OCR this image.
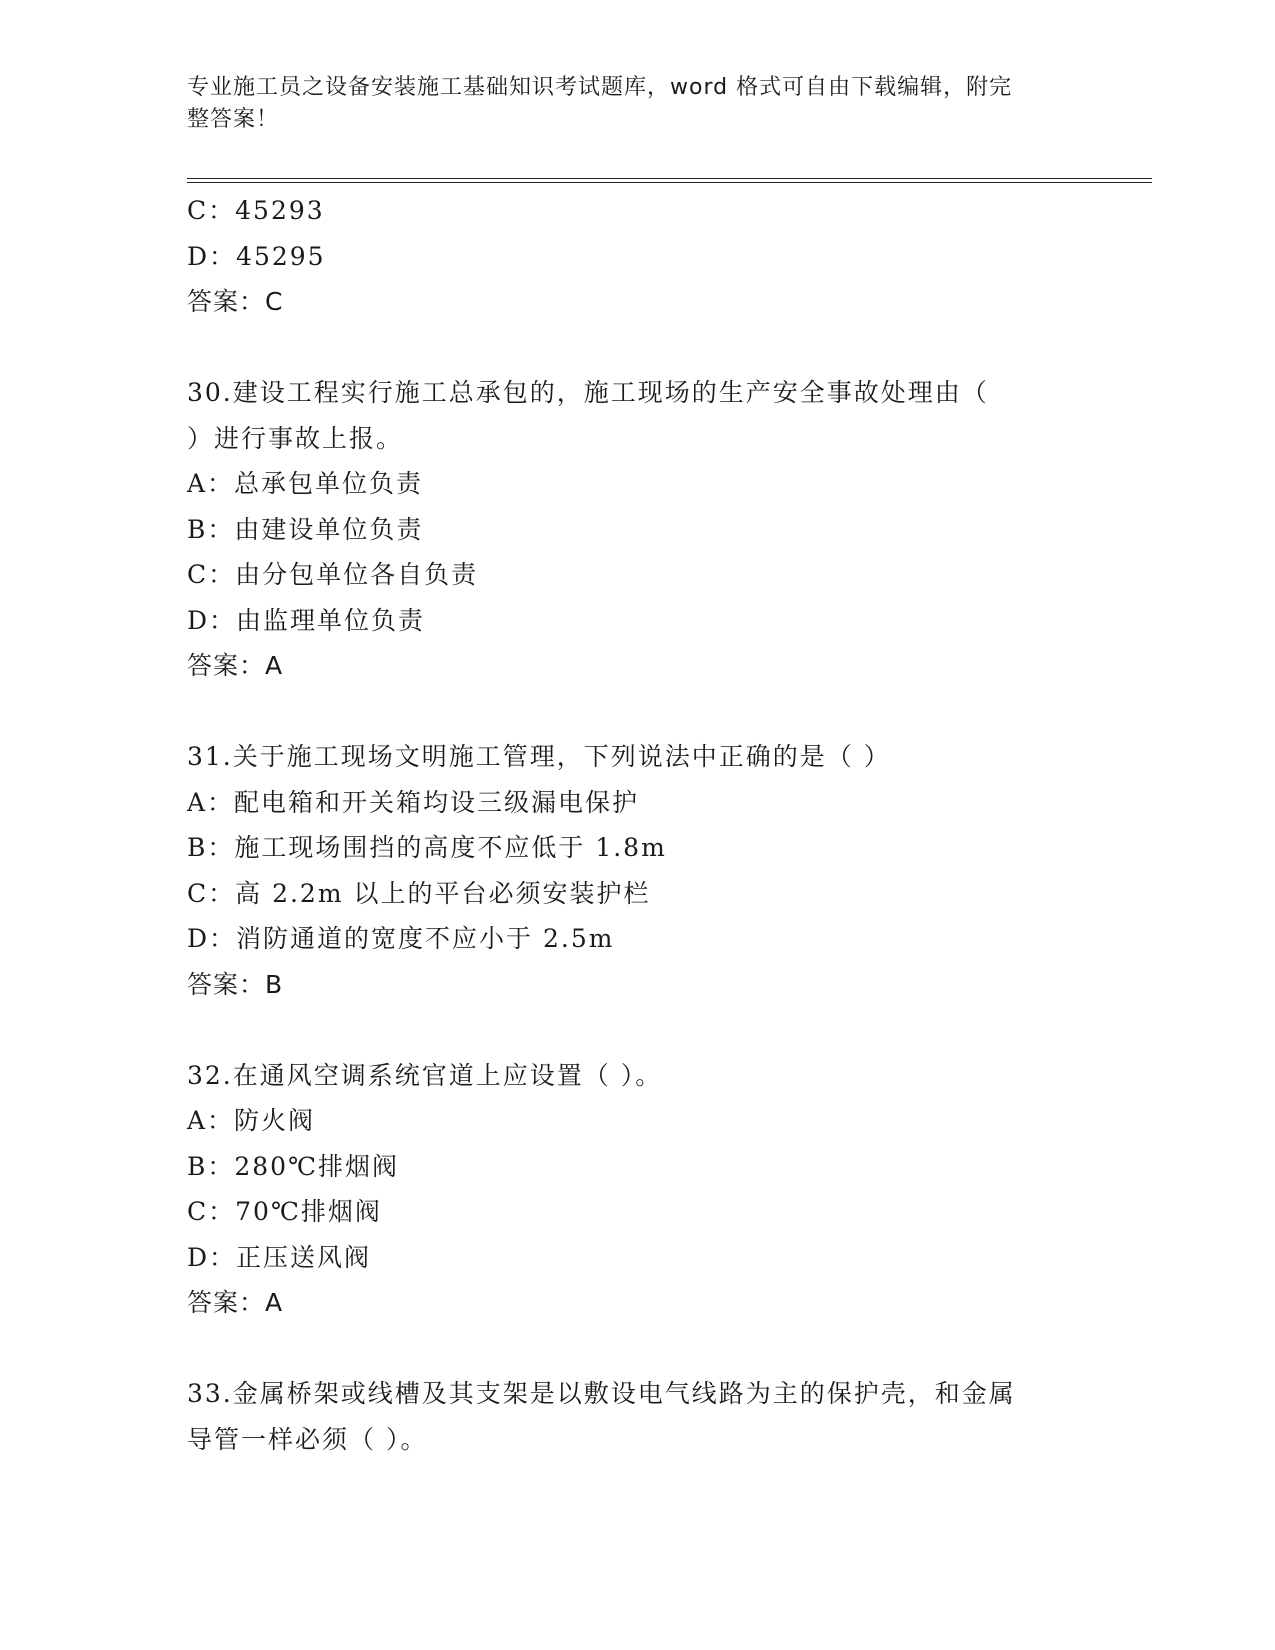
专业施工员之设备安装施工基础知识考试题库，word 格式可自由下载编辑，附完
整答案！
C：45293
D：45295
答案：C
30.建设工程实行施工总承包的，施工现场的生产安全事故处理由（
）进行事故上报。
A：总承包单位负责
B：由建设单位负责
C：由分包单位各自负责
D：由监理单位负责
答案：A
31.关于施工现场文明施工管理，下列说法中正确的是（ ）
A：配电箱和开关箱均设三级漏电保护
B：施工现场围挡的高度不应低于 1.8m
C：高 2.2m 以上的平台必须安装护栏
D：消防通道的宽度不应小于 2.5m
答案：B
32.在通风空调系统官道上应设置（ ）。
A：防火阀
B：280℃排烟阀
C：70℃排烟阀
D：正压送风阀
答案：A
33.金属桥架或线槽及其支架是以敷设电气线路为主的保护壳，和金属
导管一样必须（ ）。
